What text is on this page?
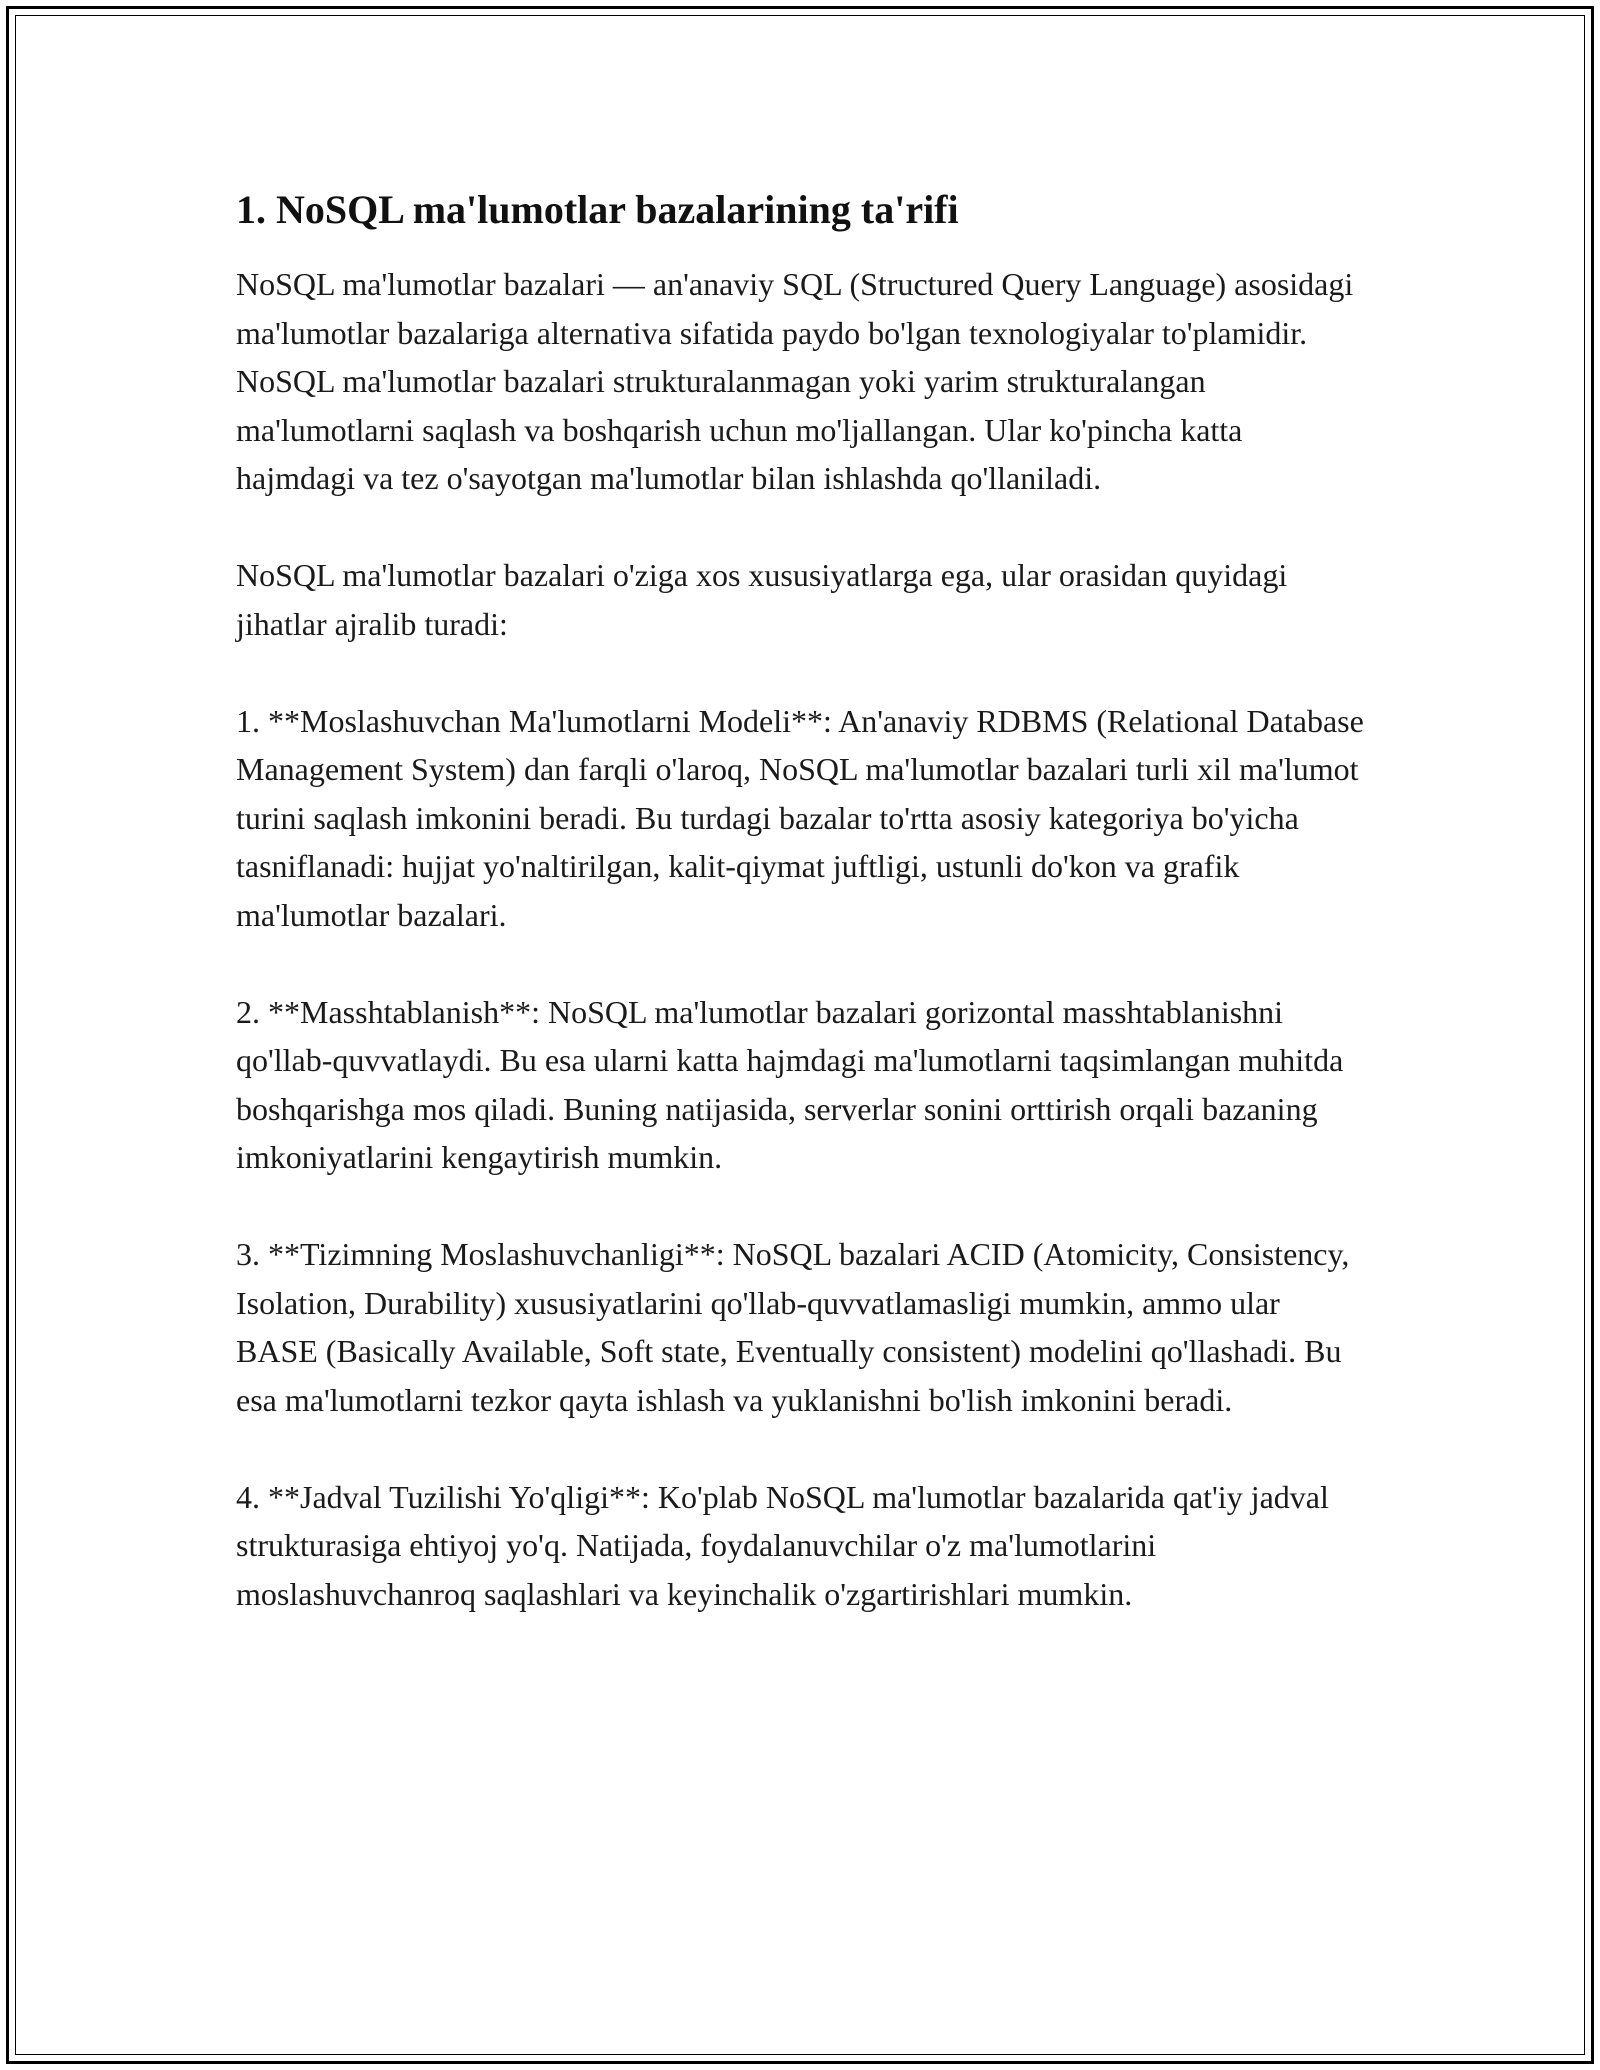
1. NoSQL ma'lumotlar bazalarining ta'rifi

NoSQL ma'lumotlar bazalari — an'anaviy SQL (Structured Query Language) asosidagi ma'lumotlar bazalariga alternativa sifatida paydo bo'lgan texnologiyalar to'plamidir. NoSQL ma'lumotlar bazalari strukturalanmagan yoki yarim strukturalangan ma'lumotlarni saqlash va boshqarish uchun mo'ljallangan. Ular ko'pincha katta hajmdagi va tez o'sayotgan ma'lumotlar bilan ishlashda qo'llaniladi.

NoSQL ma'lumotlar bazalari o'ziga xos xususiyatlarga ega, ular orasidan quyidagi jihatlar ajralib turadi:

1. **Moslashuvchan Ma'lumotlarni Modeli**: An'anaviy RDBMS (Relational Database Management System) dan farqli o'laroq, NoSQL ma'lumotlar bazalari turli xil ma'lumot turini saqlash imkonini beradi. Bu turdagi bazalar to'rtta asosiy kategoriya bo'yicha tasniflanadi: hujjat yo'naltirilgan, kalit-qiymat juftligi, ustunli do'kon va grafik ma'lumotlar bazalari.

2. **Masshtablanish**: NoSQL ma'lumotlar bazalari gorizontal masshtablanishni qo'llab-quvvatlaydi. Bu esa ularni katta hajmdagi ma'lumotlarni taqsimlangan muhitda boshqarishga mos qiladi. Buning natijasida, serverlar sonini orttirish orqali bazaning imkoniyatlarini kengaytirish mumkin.

3. **Tizimning Moslashuvchanligi**: NoSQL bazalari ACID (Atomicity, Consistency, Isolation, Durability) xususiyatlarini qo'llab-quvvatlamasligi mumkin, ammo ular BASE (Basically Available, Soft state, Eventually consistent) modelini qo'llashadi. Bu esa ma'lumotlarni tezkor qayta ishlash va yuklanishni bo'lish imkonini beradi.

4. **Jadval Tuzilishi Yo'qligi**: Ko'plab NoSQL ma'lumotlar bazalarida qat'iy jadval strukturasiga ehtiyoj yo'q. Natijada, foydalanuvchilar o'z ma'lumotlarini moslashuvchanroq saqlashlari va keyinchalik o'zgartirishlari mumkin.
